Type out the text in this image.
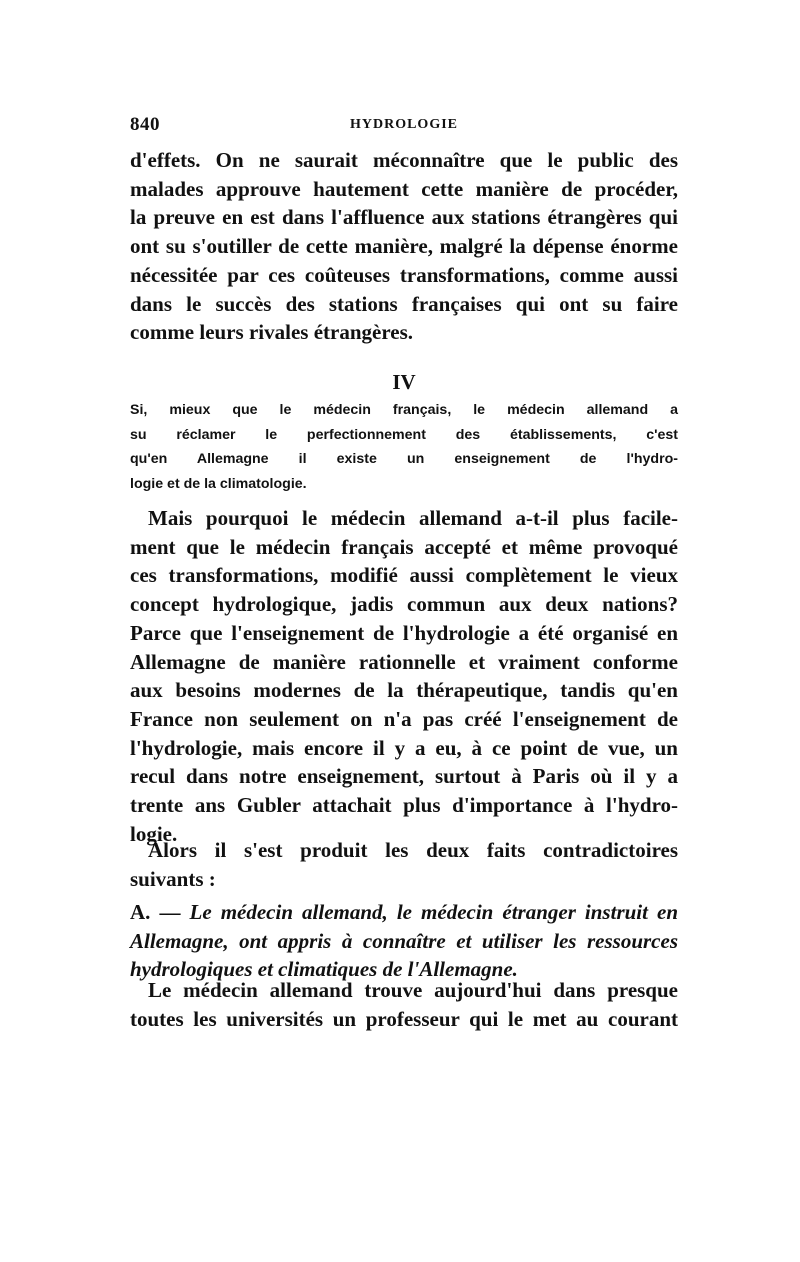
840	HYDROLOGIE
d'effets. On ne saurait méconnaître que le public des
malades approuve hautement cette manière de procéder,
la preuve en est dans l'affluence aux stations étrangères qui
ont su s'outiller de cette manière, malgré la dépense énorme
nécessitée par ces coûteuses transformations, comme aussi
dans le succès des stations françaises qui ont su faire
comme leurs rivales étrangères.
IV
Si, mieux que le médecin français, le médecin allemand a
su réclamer le perfectionnement des établissements, c'est
qu'en Allemagne il existe un enseignement de l'hydro-
logie et de la climatologie.
Mais pourquoi le médecin allemand a-t-il plus facile-
ment que le médecin français accepté et même provoqué
ces transformations, modifié aussi complètement le vieux
concept hydrologique, jadis commun aux deux nations?
Parce que l'enseignement de l'hydrologie a été organisé en
Allemagne de manière rationnelle et vraiment conforme
aux besoins modernes de la thérapeutique, tandis qu'en
France non seulement on n'a pas créé l'enseignement de
l'hydrologie, mais encore il y a eu, à ce point de vue, un
recul dans notre enseignement, surtout à Paris où il y a
trente ans Gubler attachait plus d'importance à l'hydro-
logie.
Alors il s'est produit les deux faits contradictoires
suivants :
A. — Le médecin allemand, le médecin étranger instruit en
Allemagne, ont appris à connaître et utiliser les ressources
hydrologiques et climatiques de l'Allemagne.
Le médecin allemand trouve aujourd'hui dans presque
toutes les universités un professeur qui le met au courant
